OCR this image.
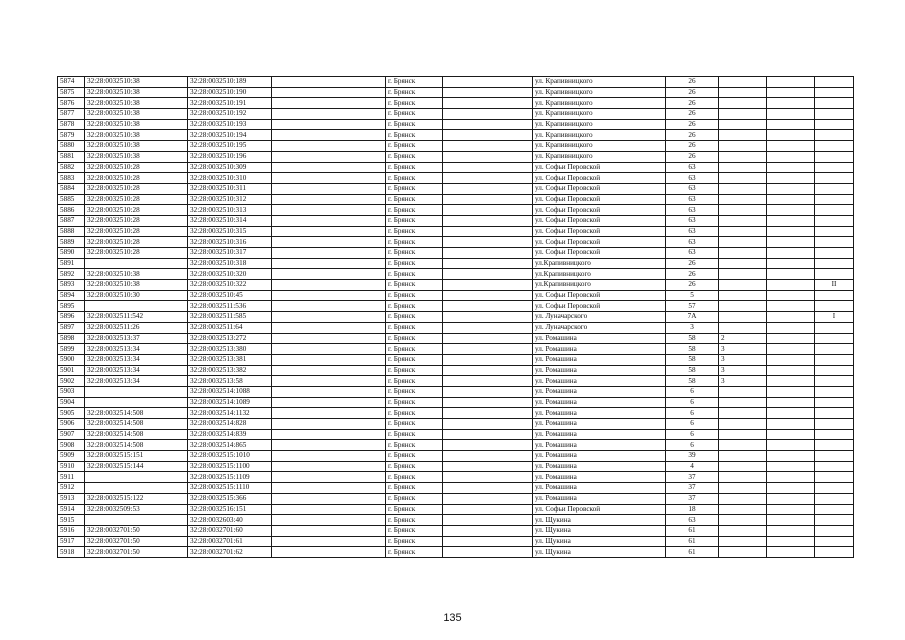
5874	32:28:0032510:38	32:28:0032510:189		г. Брянск		ул. Крапивницкого	26			
5875	32:28:0032510:38	32:28:0032510:190		г. Брянск		ул. Крапивницкого	26			
5876	32:28:0032510:38	32:28:0032510:191		г. Брянск		ул. Крапивницкого	26			
5877	32:28:0032510:38	32:28:0032510:192		г. Брянск		ул. Крапивницкого	26			
5878	32:28:0032510:38	32:28:0032510:193		г. Брянск		ул. Крапивницкого	26			
5879	32:28:0032510:38	32:28:0032510:194		г. Брянск		ул. Крапивницкого	26			
5880	32:28:0032510:38	32:28:0032510:195		г. Брянск		ул. Крапивницкого	26			
5881	32:28:0032510:38	32:28:0032510:196		г. Брянск		ул. Крапивницкого	26			
5882	32:28:0032510:28	32:28:0032510:309		г. Брянск		ул. Софьи Перовской	63			
5883	32:28:0032510:28	32:28:0032510:310		г. Брянск		ул. Софьи Перовской	63			
5884	32:28:0032510:28	32:28:0032510:311		г. Брянск		ул. Софьи Перовской	63			
5885	32:28:0032510:28	32:28:0032510:312		г. Брянск		ул. Софьи Перовской	63			
5886	32:28:0032510:28	32:28:0032510:313		г. Брянск		ул. Софьи Перовской	63			
5887	32:28:0032510:28	32:28:0032510:314		г. Брянск		ул. Софьи Перовской	63			
5888	32:28:0032510:28	32:28:0032510:315		г. Брянск		ул. Софьи Перовской	63			
5889	32:28:0032510:28	32:28:0032510:316		г. Брянск		ул. Софьи Перовской	63			
5890	32:28:0032510:28	32:28:0032510:317		г. Брянск		ул. Софьи Перовской	63			
5891		32:28:0032510:318		г. Брянск		ул.Крапивницкого	26			
5892	32:28:0032510:38	32:28:0032510:320		г. Брянск		ул.Крапивницкого	26			
5893	32:28:0032510:38	32:28:0032510:322		г. Брянск		ул.Крапивницкого	26			II
5894	32:28:0032510:30	32:28:0032510:45		г. Брянск		ул. Софьи Перовской	5			
5895		32:28:0032511:536		г. Брянск		ул. Софьи Перовской	57			
5896	32:28:0032511:542	32:28:0032511:585		г. Брянск		ул. Луначарского	7А			I
5897	32:28:0032511:26	32:28:0032511:64		г. Брянск		ул. Луначарского	3			
5898	32:28:0032513:37	32:28:0032513:272		г. Брянск		ул. Ромашина	58	2		
5899	32:28:0032513:34	32:28:0032513:380		г. Брянск		ул. Ромашина	58	3		
5900	32:28:0032513:34	32:28:0032513:381		г. Брянск		ул. Ромашина	58	3		
5901	32:28:0032513:34	32:28:0032513:382		г. Брянск		ул. Ромашина	58	3		
5902	32:28:0032513:34	32:28:0032513:58		г. Брянск		ул. Ромашина	58	3		
5903		32:28:0032514:1088		г. Брянск		ул. Ромашина	6			
5904		32:28:0032514:1089		г. Брянск		ул. Ромашина	6			
5905	32:28:0032514:508	32:28:0032514:1132		г. Брянск		ул. Ромашина	6			
5906	32:28:0032514:508	32:28:0032514:828		г. Брянск		ул. Ромашина	6			
5907	32:28:0032514:508	32:28:0032514:839		г. Брянск		ул. Ромашина	6			
5908	32:28:0032514:508	32:28:0032514:865		г. Брянск		ул. Ромашина	6			
5909	32:28:0032515:151	32:28:0032515:1010		г. Брянск		ул. Ромашина	39			
5910	32:28:0032515:144	32:28:0032515:1100		г. Брянск		ул. Ромашина	4			
5911		32:28:0032515:1109		г. Брянск		ул. Ромашина	37			
5912		32:28:0032515:1110		г. Брянск		ул. Ромашина	37			
5913	32:28:0032515:122	32:28:0032515:366		г. Брянск		ул. Ромашина	37			
5914	32:28:0032509:53	32:28:0032516:151		г. Брянск		ул. Софьи Перовской	18			
5915		32:28:0032603:40		г. Брянск		ул. Щукина	63			
5916	32:28:0032701:50	32:28:0032701:60		г. Брянск		ул. Щукина	61			
5917	32:28:0032701:50	32:28:0032701:61		г. Брянск		ул. Щукина	61			
5918	32:28:0032701:50	32:28:0032701:62		г. Брянск		ул. Щукина	61			
135
